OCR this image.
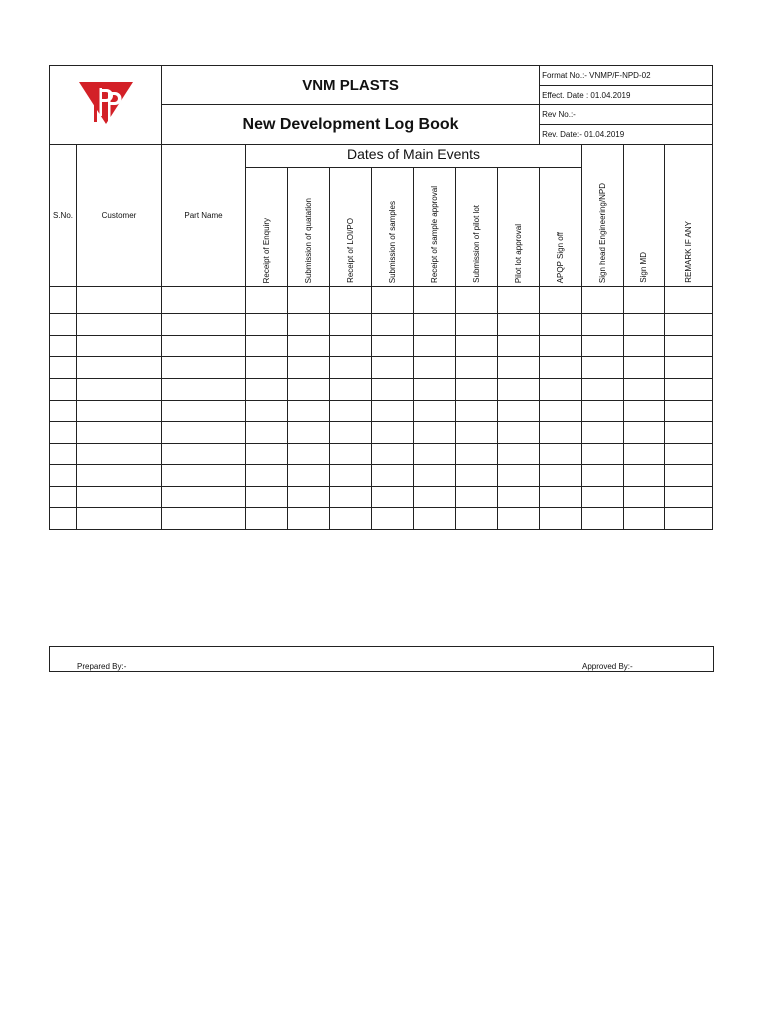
	VNM PLASTS								Format No.:- VNMP/F-NPD-02			
										Effect. Date : 01.04.2019			
		New Development Log Book								Rev No.:-			
										Rev. Date:- 01.04.2019			
S.No.	Customer	Part Name	Dates of Main Events								Sign head Engineering/NPD	Sign MD	REMARK IF ANY

			Receipt of Enquiry	Submission of quatation	Receipt of LOI/PO	Submission of samples	Receipt of sample approval	Submission of pilot lot	Pilot lot approval	APQP Sign off			

Prepared By:-	Approved By:-
